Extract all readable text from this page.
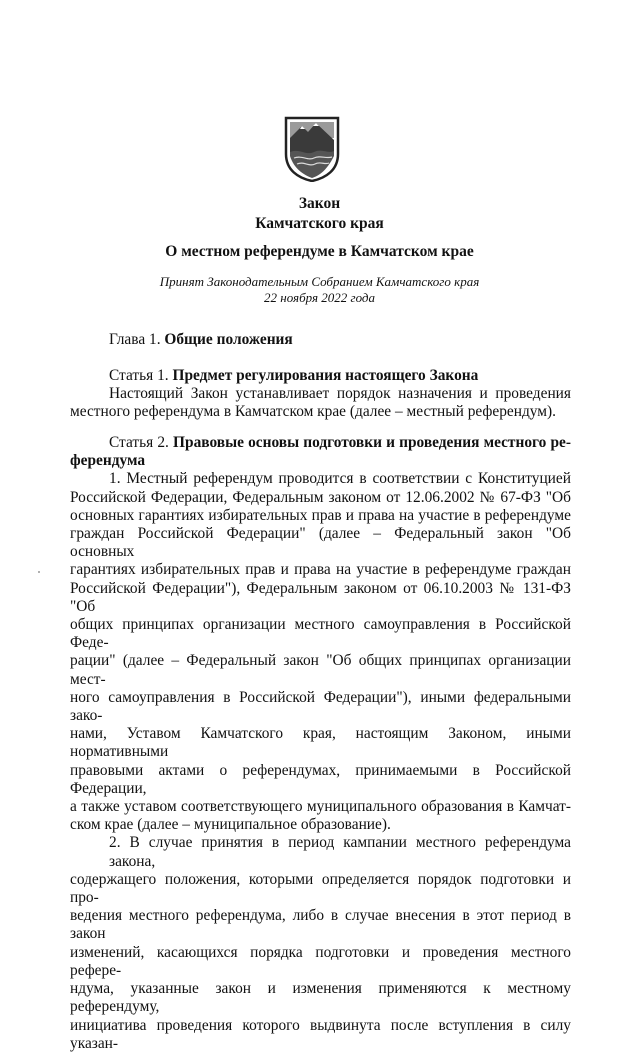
Закон
Камчатского края
О местном референдуме в Камчатском крае
Принят Законодательным Собранием Камчатского края
22 ноября 2022 года
Глава 1. Общие положения
Статья 1. Предмет регулирования настоящего Закона
Настоящий Закон устанавливает порядок назначения и проведения
местного референдума в Камчатском крае (далее – местный референдум).
Статья 2. Правовые основы подготовки и проведения местного ре-
ферендума
1. Местный референдум проводится в соответствии с Конституцией
Российской Федерации, Федеральным законом от 12.06.2002 № 67-ФЗ "Об
основных гарантиях избирательных прав и права на участие в референдуме
граждан Российской Федерации" (далее – Федеральный закон "Об основных
гарантиях избирательных прав и права на участие в референдуме граждан
Российской Федерации"), Федеральным законом от 06.10.2003 № 131-ФЗ "Об
общих принципах организации местного самоуправления в Российской Феде-
рации" (далее – Федеральный закон "Об общих принципах организации мест-
ного самоуправления в Российской Федерации"), иными федеральными зако-
нами, Уставом Камчатского края, настоящим Законом, иными нормативными
правовыми актами о референдумах, принимаемыми в Российской Федерации,
а также уставом соответствующего муниципального образования в Камчат-
ском крае (далее – муниципальное образование).
2. В случае принятия в период кампании местного референдума закона,
содержащего положения, которыми определяется порядок подготовки и про-
ведения местного референдума, либо в случае внесения в этот период в закон
изменений, касающихся порядка подготовки и проведения местного рефере-
ндума, указанные закон и изменения применяются к местному референдуму,
инициатива проведения которого выдвинута после вступления в силу указан-
